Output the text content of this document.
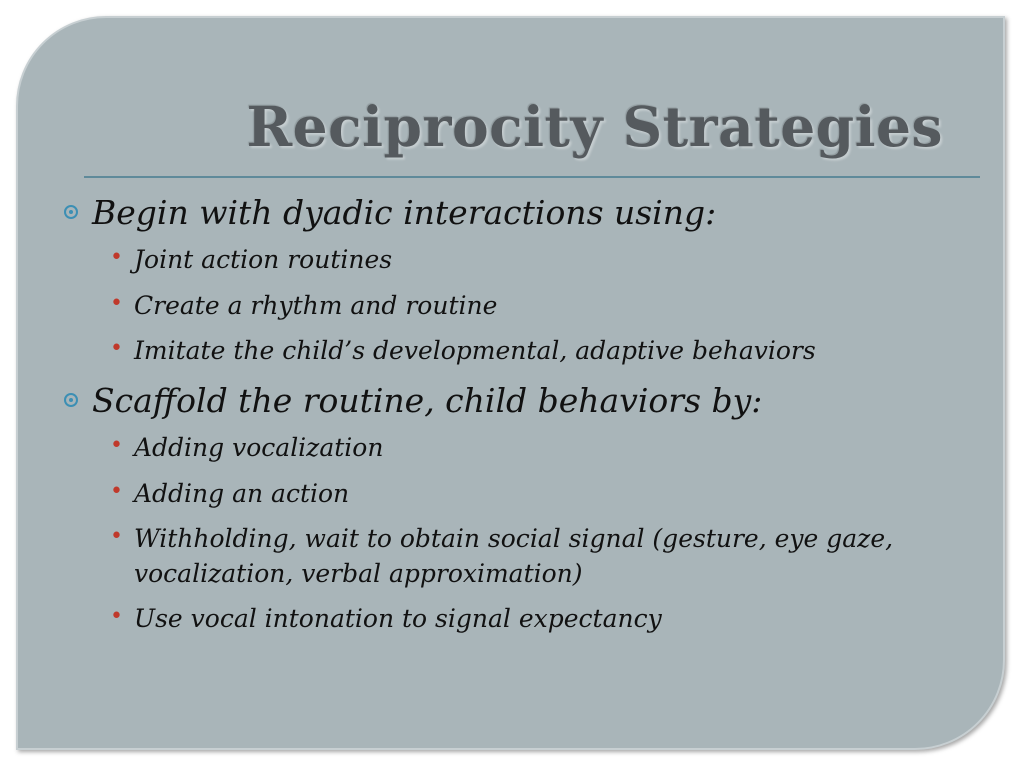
Reciprocity Strategies
Begin with dyadic interactions using:
• Joint action routines
• Create a rhythm and routine
• Imitate the child’s developmental, adaptive behaviors
Scaffold the routine, child behaviors by:
• Adding vocalization
• Adding an action
• Withholding, wait to obtain social signal (gesture, eye gaze, vocalization, verbal approximation)
• Use vocal intonation to signal expectancy
